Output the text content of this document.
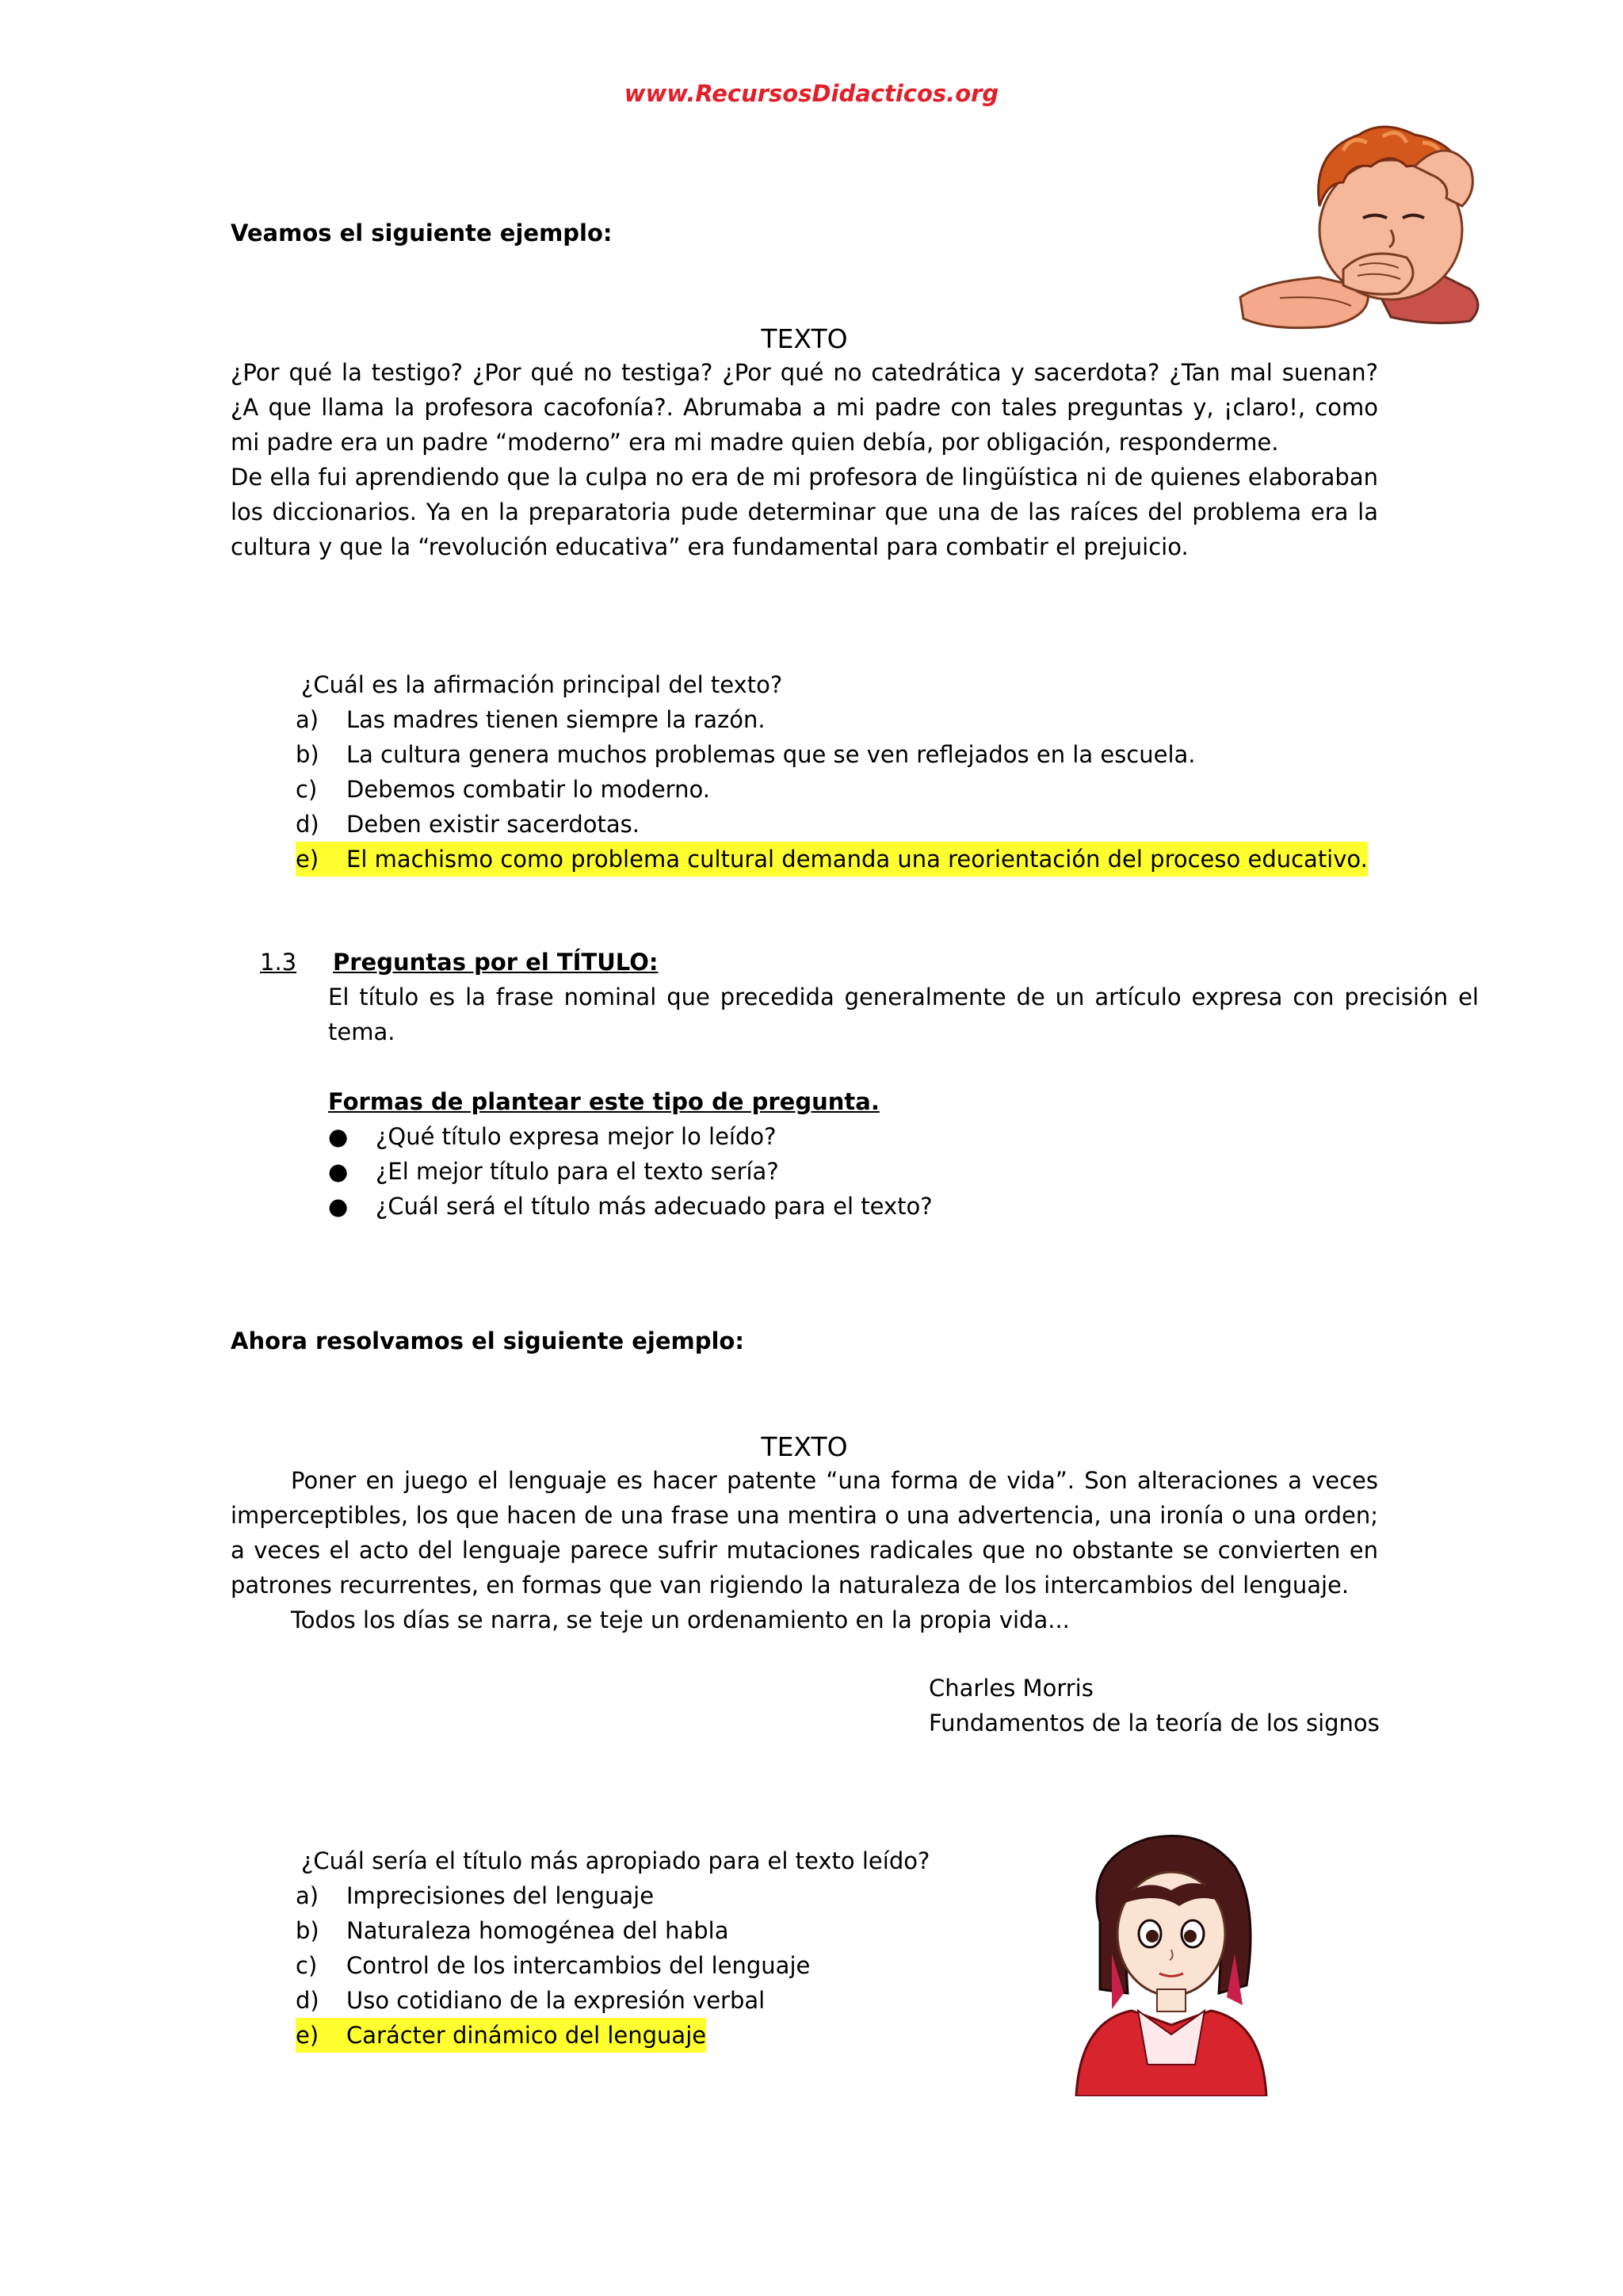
www.RecursosDidacticos.org
Veamos el siguiente ejemplo:
TEXTO

¿Por qué la testigo? ¿Por qué no testiga? ¿Por qué no catedrática y sacerdota? ¿Tan mal suenan? ¿A que llama la profesora cacofonía?. Abrumaba a mi padre con tales preguntas y, ¡claro!, como mi padre era un padre “moderno” era mi madre quien debía, por obligación, responderme.

De ella fui aprendiendo que la culpa no era de mi profesora de lingüística ni de quienes elaboraban los diccionarios. Ya en la preparatoria pude determinar que una de las raíces del problema era la cultura y que la “revolución educativa” era fundamental para combatir el prejuicio.

¿Cuál es la afirmación principal del texto?
a) Las madres tienen siempre la razón.
b) La cultura genera muchos problemas que se ven reflejados en la escuela.
c) Debemos combatir lo moderno.
d) Deben existir sacerdotas.
e) El machismo como problema cultural demanda una reorientación del proceso educativo.
1.3 Preguntas por el TÍTULO:

El título es la frase nominal que precedida generalmente de un artículo expresa con precisión el tema.

Formas de plantear este tipo de pregunta.
● ¿Qué título expresa mejor lo leído?
● ¿El mejor título para el texto sería?
● ¿Cuál será el título más adecuado para el texto?
Ahora resolvamos el siguiente ejemplo:
TEXTO

Poner en juego el lenguaje es hacer patente “una forma de vida”. Son alteraciones a veces imperceptibles, los que hacen de una frase una mentira o una advertencia, una ironía o una orden; a veces el acto del lenguaje parece sufrir mutaciones radicales que no obstante se convierten en patrones recurrentes, en formas que van rigiendo la naturaleza de los intercambios del lenguaje.

Todos los días se narra, se teje un ordenamiento en la propia vida...

Charles Morris
Fundamentos de la teoría de los signos
¿Cuál sería el título más apropiado para el texto leído?
a) Imprecisiones del lenguaje
b) Naturaleza homogénea del habla
c) Control de los intercambios del lenguaje
d) Uso cotidiano de la expresión verbal
e) Carácter dinámico del lenguaje
